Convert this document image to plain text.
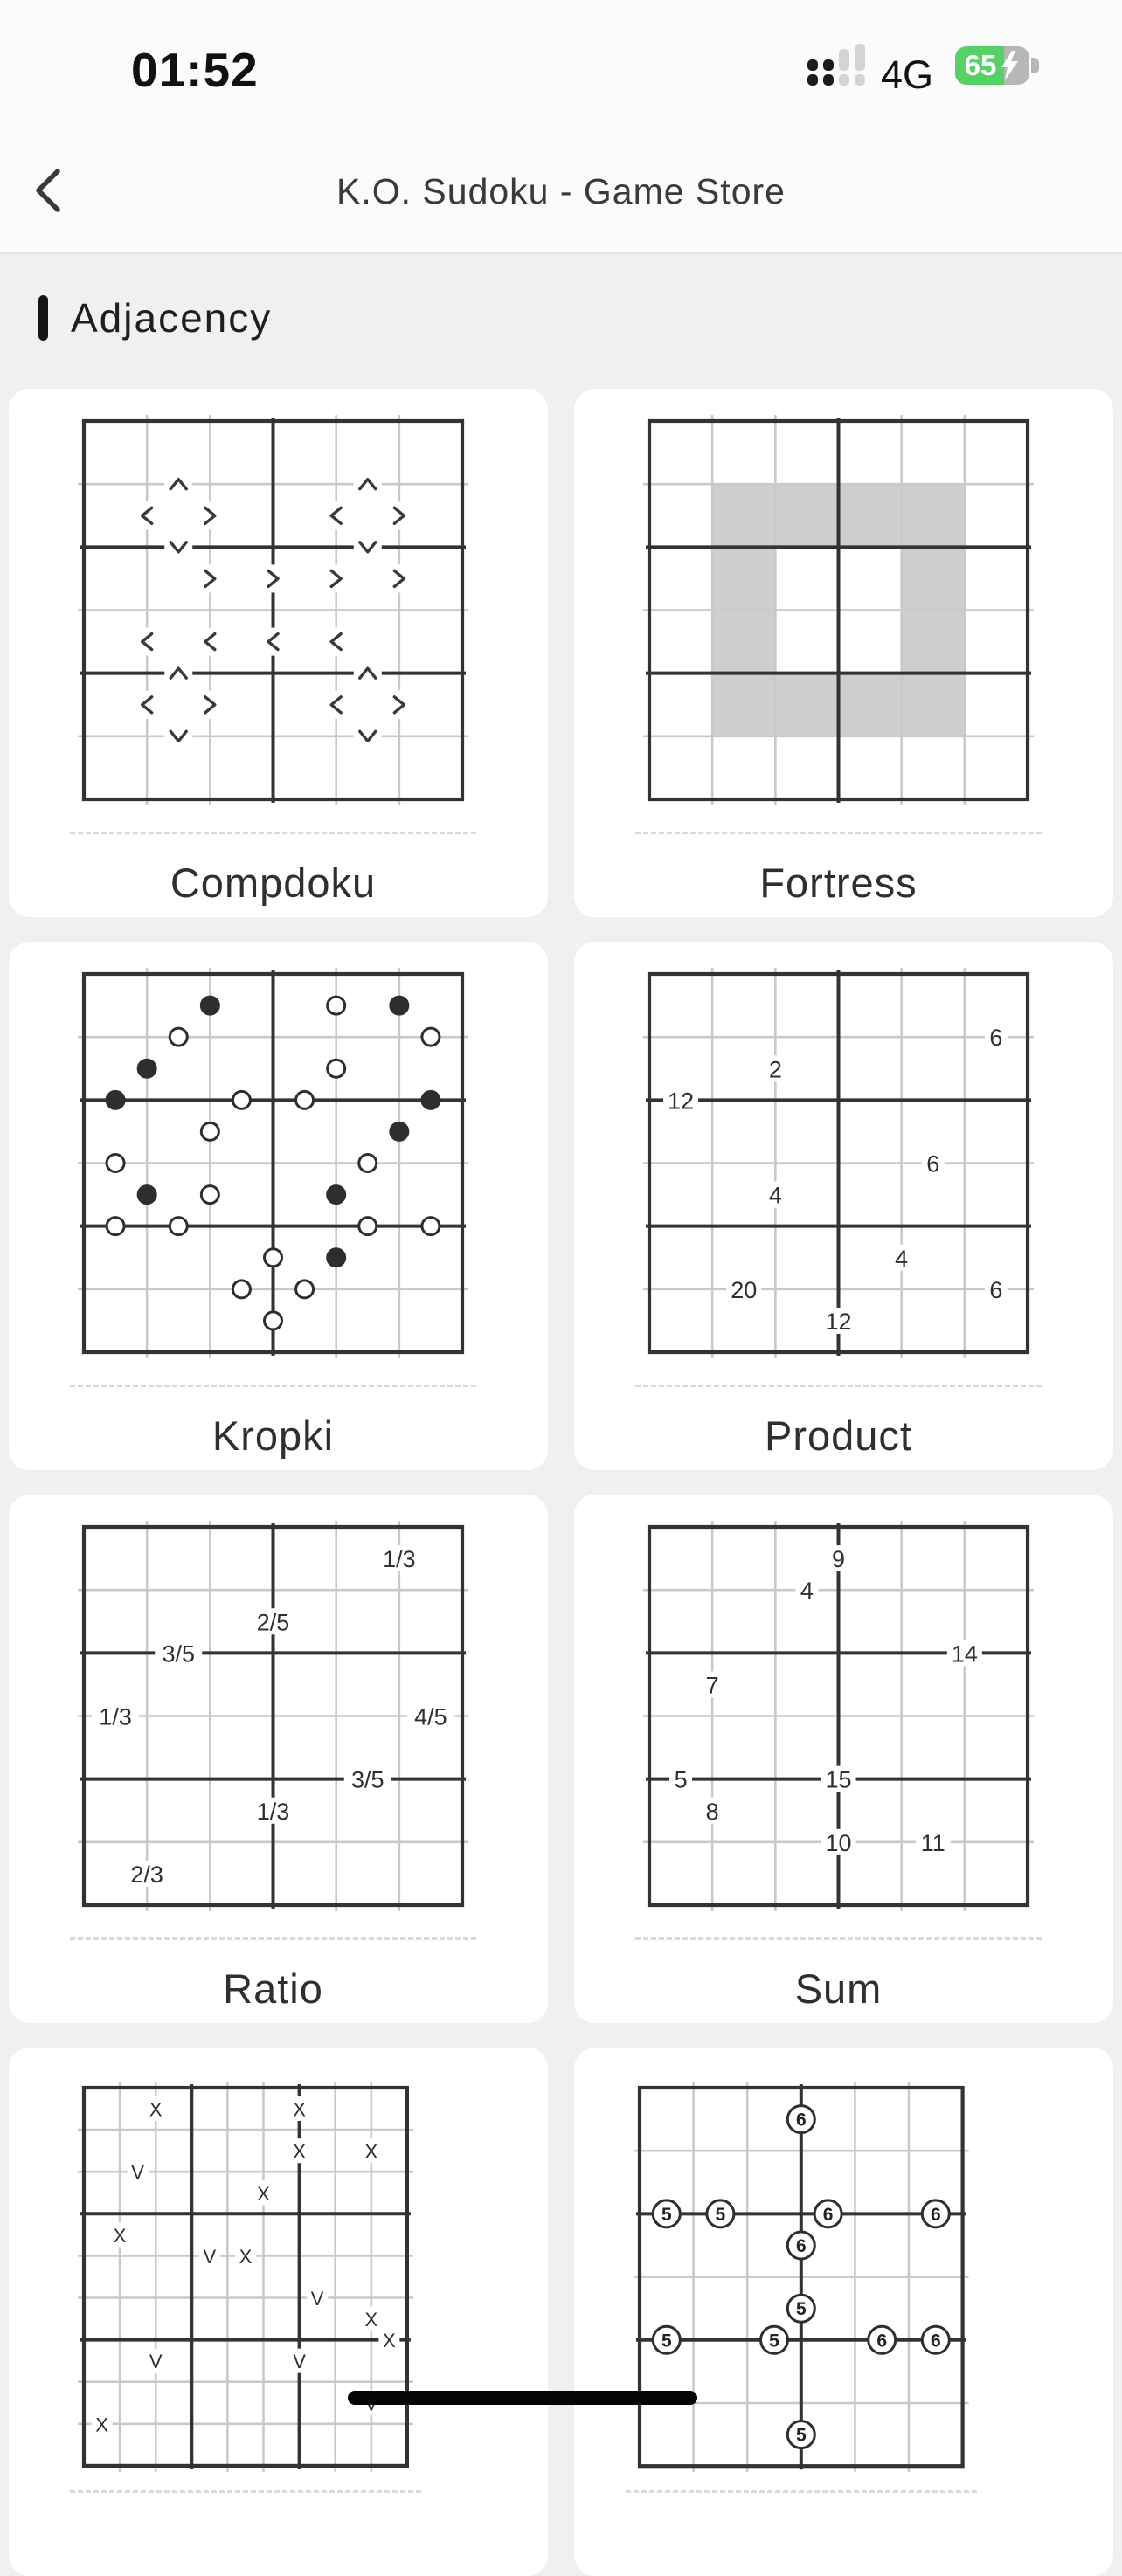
01:52	4G	65
K.O. Sudoku - Game Store
Adjacency
Compdoku	Fortress
Kropki
6
2
12
6
4
4
20	6
12
Product
1/3
2/5
3/5
1/3	4/5
3/5
1/3
2/3
Ratio
9
4
14
7
5	15
8
10	11
Sum
X	X
X	X
V
X
X
V X
V
X
X
V	V
X
6
5 5	6	6
6
5
5	5	6 6
5
